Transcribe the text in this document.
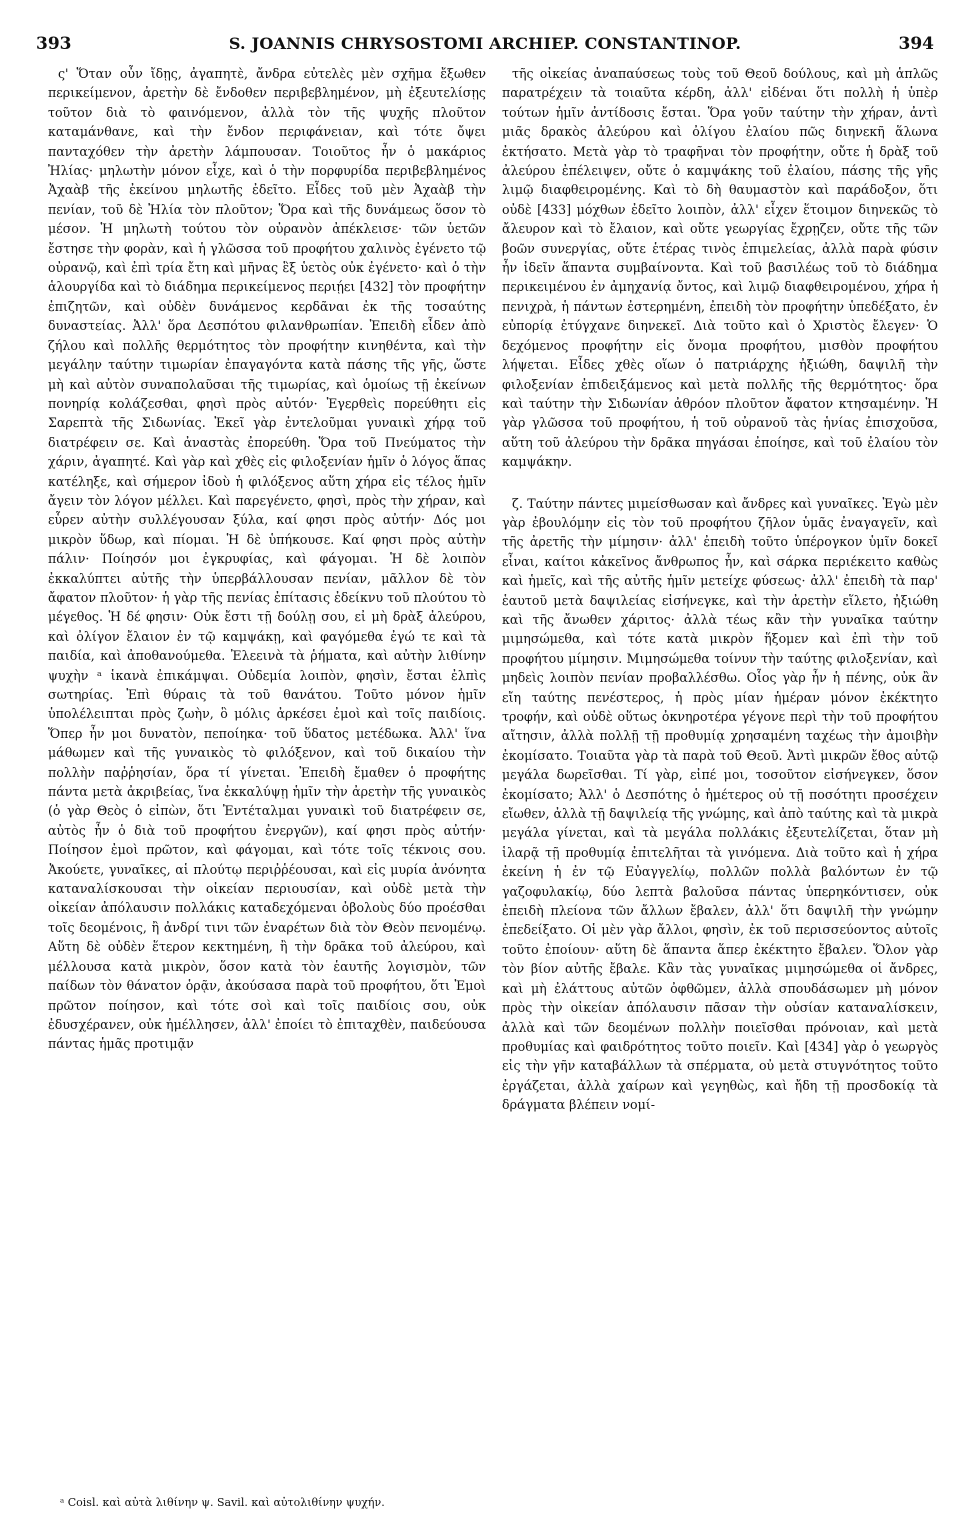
393	S. JOANNIS CHRYSOSTOMI ARCHIEP. CONSTANTINOP.	394

ς' Ὅταν οὖν ἴδῃς, ἀγαπητὲ, ἄνδρα εὐτελὲς μὲν σχῆμα ἔξωθεν περικείμενον, ἀρετὴν δὲ ἔνδοθεν περιβεβλημένον, μὴ ἐξευτελίσῃς τοῦτον διὰ τὸ φαινόμενον, ἀλλὰ τὸν τῆς ψυχῆς πλοῦτον καταμάνθανε, καὶ τὴν ἔνδον περιφάνειαν, καὶ τότε ὄψει πανταχόθεν τὴν ἀρετὴν λάμπουσαν. Τοιοῦτος ἦν ὁ μακάριος Ἠλίας· μηλωτὴν μόνον εἶχε, καὶ ὁ τὴν πορφυρίδα περιβεβλημένος Ἀχαὰβ τῆς ἐκείνου μηλωτῆς ἐδεῖτο. Εἶδες τοῦ μὲν Ἀχαὰβ τὴν πενίαν, τοῦ δὲ Ἠλία τὸν πλοῦτον; Ὅρα καὶ τῆς δυνάμεως ὅσον τὸ μέσον. Ἡ μηλωτὴ τούτου τὸν οὐρανὸν ἀπέκλεισε· τῶν ὑετῶν ἔστησε τὴν φορὰν, καὶ ἡ γλῶσσα τοῦ προφήτου χαλινὸς ἐγένετο τῷ οὐρανῷ, καὶ ἐπὶ τρία ἔτη καὶ μῆνας ἓξ ὑετὸς οὐκ ἐγένετο· καὶ ὁ τὴν ἁλουργίδα καὶ τὸ διάδημα περικείμενος περιῄει [432] τὸν προφήτην ἐπιζητῶν, καὶ οὐδὲν δυνάμενος κερδᾶναι ἐκ τῆς τοσαύτης δυναστείας. Ἀλλ' ὅρα Δεσπότου φιλανθρωπίαν. Ἐπειδὴ εἶδεν ἀπὸ ζήλου καὶ πολλῆς θερμότητος τὸν προφήτην κινηθέντα, καὶ τὴν μεγάλην ταύτην τιμωρίαν ἐπαγαγόντα κατὰ πάσης τῆς γῆς, ὥστε μὴ καὶ αὐτὸν συναπολαῦσαι τῆς τιμωρίας, καὶ ὁμοίως τῇ ἐκείνων πονηρίᾳ κολάζεσθαι, φησὶ πρὸς αὐτόν· Ἐγερθεὶς πορεύθητι εἰς Σαρεπτὰ τῆς Σιδωνίας. Ἐκεῖ γὰρ ἐντελοῦμαι γυναικὶ χήρᾳ τοῦ διατρέφειν σε. Καὶ ἀναστὰς ἐπορεύθη. Ὅρα τοῦ Πνεύματος τὴν χάριν, ἀγαπητέ. Καὶ γὰρ καὶ χθὲς εἰς φιλοξενίαν ἡμῖν ὁ λόγος ἅπας κατέληξε, καὶ σήμερον ἰδοὺ ἡ φιλόξενος αὕτη χήρα εἰς τέλος ἡμῖν ἄγειν τὸν λόγον μέλλει. Καὶ παρεγένετο, φησὶ, πρὸς τὴν χήραν, καὶ εὗρεν αὐτὴν συλλέγουσαν ξύλα, καί φησι πρὸς αὐτήν· Δός μοι μικρὸν ὕδωρ, καὶ πίομαι. Ἡ δὲ ὑπήκουσε. Καί φησι πρὸς αὐτὴν πάλιν· Ποίησόν μοι ἐγκρυφίας, καὶ φάγομαι. Ἡ δὲ λοιπὸν ἐκκαλύπτει αὐτῆς τὴν ὑπερβάλλουσαν πενίαν, μᾶλλον δὲ τὸν ἄφατον πλοῦτον· ἡ γὰρ τῆς πενίας ἐπίτασις ἐδείκνυ τοῦ πλούτου τὸ μέγεθος. Ἡ δέ φησιν· Οὐκ ἔστι τῇ δούλῃ σου, εἰ μὴ δρὰξ ἀλεύρου, καὶ ὀλίγον ἔλαιον ἐν τῷ καμψάκῃ, καὶ φαγόμεθα ἐγώ τε καὶ τὰ παιδία, καὶ ἀποθανούμεθα. Ἐλεεινὰ τὰ ῥήματα, καὶ αὐτὴν λιθίνην ψυχὴν ᵃ ἱκανὰ ἐπικάμψαι. Οὐδεμία λοιπὸν, φησὶν, ἔσται ἐλπὶς σωτηρίας. Ἐπὶ θύραις τὰ τοῦ θανάτου. Τοῦτο μόνον ἡμῖν ὑπολέλειπται πρὸς ζωὴν, ὃ μόλις ἀρκέσει ἐμοὶ καὶ τοῖς παιδίοις. Ὅπερ ἦν μοι δυνατὸν, πεποίηκα· τοῦ ὕδατος μετέδωκα. Ἀλλ' ἵνα μάθωμεν καὶ τῆς γυναικὸς τὸ φιλόξενον, καὶ τοῦ δικαίου τὴν πολλὴν παῤῥησίαν, ὅρα τί γίνεται. Ἐπειδὴ ἔμαθεν ὁ προφήτης πάντα μετὰ ἀκριβείας, ἵνα ἐκκαλύψῃ ἡμῖν τὴν ἀρετὴν τῆς γυναικὸς (ὁ γὰρ Θεὸς ὁ εἰπὼν, ὅτι Ἐντέταλμαι γυναικὶ τοῦ διατρέφειν σε, αὐτὸς ἦν ὁ διὰ τοῦ προφήτου ἐνεργῶν), καί φησι πρὸς αὐτήν· Ποίησον ἐμοὶ πρῶτον, καὶ φάγομαι, καὶ τότε τοῖς τέκνοις σου. Ἀκούετε, γυναῖκες, αἱ πλούτῳ περιῤῥέουσαι, καὶ εἰς μυρία ἀνόνητα καταναλίσκουσαι τὴν οἰκείαν περιουσίαν, καὶ οὐδὲ μετὰ τὴν οἰκείαν ἀπόλαυσιν πολλάκις καταδεχόμεναι ὀβολοὺς δύο προέσθαι τοῖς δεομένοις, ἢ ἀνδρί τινι τῶν ἐναρέτων διὰ τὸν Θεὸν πενομένῳ. Αὕτη δὲ οὐδὲν ἕτερον κεκτημένη, ἢ τὴν δρᾶκα τοῦ ἀλεύρου, καὶ μέλλουσα κατὰ μικρὸν, ὅσον κατὰ τὸν ἑαυτῆς λογισμὸν, τῶν παίδων τὸν θάνατον ὁρᾷν, ἀκούσασα παρὰ τοῦ προφήτου, ὅτι Ἐμοὶ πρῶτον ποίησον, καὶ τότε σοὶ καὶ τοῖς παιδίοις σου, οὐκ ἐδυσχέρανεν, οὐκ ἠμέλλησεν, ἀλλ' ἐποίει τὸ ἐπιταχθὲν, παιδεύουσα πάντας ἡμᾶς προτιμᾷν

τῆς οἰκείας ἀναπαύσεως τοὺς τοῦ Θεοῦ δούλους, καὶ μὴ ἁπλῶς παρατρέχειν τὰ τοιαῦτα κέρδη, ἀλλ' εἰδέναι ὅτι πολλὴ ἡ ὑπὲρ τούτων ἡμῖν ἀντίδοσις ἔσται. Ὅρα γοῦν ταύτην τὴν χήραν, ἀντὶ μιᾶς δρακὸς ἀλεύρου καὶ ὀλίγου ἐλαίου πῶς διηνεκῆ ἅλωνα ἐκτήσατο. Μετὰ γὰρ τὸ τραφῆναι τὸν προφήτην, οὔτε ἡ δρὰξ τοῦ ἀλεύρου ἐπέλειψεν, οὔτε ὁ καμψάκης τοῦ ἐλαίου, πάσης τῆς γῆς λιμῷ διαφθειρομένης. Καὶ τὸ δὴ θαυμαστὸν καὶ παράδοξον, ὅτι οὐδὲ [433] μόχθων ἐδεῖτο λοιπὸν, ἀλλ' εἶχεν ἕτοιμον διηνεκῶς τὸ ἄλευρον καὶ τὸ ἔλαιον, καὶ οὔτε γεωργίας ἔχρῃζεν, οὔτε τῆς τῶν βοῶν συνεργίας, οὔτε ἑτέρας τινὸς ἐπιμελείας, ἀλλὰ παρὰ φύσιν ἦν ἰδεῖν ἅπαντα συμβαίνοντα. Καὶ τοῦ βασιλέως τοῦ τὸ διάδημα περικειμένου ἐν ἀμηχανίᾳ ὄντος, καὶ λιμῷ διαφθειρομένου, χήρα ἡ πενιχρὰ, ἡ πάντων ἐστερημένη, ἐπειδὴ τὸν προφήτην ὑπεδέξατο, ἐν εὐπορίᾳ ἐτύγχανε διηνεκεῖ. Διὰ τοῦτο καὶ ὁ Χριστὸς ἔλεγεν· Ὁ δεχόμενος προφήτην εἰς ὄνομα προφήτου, μισθὸν προφήτου λήψεται. Εἶδες χθὲς οἵων ὁ πατριάρχης ἠξιώθη, δαψιλῆ τὴν φιλοξενίαν ἐπιδειξάμενος καὶ μετὰ πολλῆς τῆς θερμότητος· ὅρα καὶ ταύτην τὴν Σιδωνίαν ἀθρόον πλοῦτον ἄφατον κτησαμένην. Ἡ γὰρ γλῶσσα τοῦ προφήτου, ἡ τοῦ οὐρανοῦ τὰς ἡνίας ἐπισχοῦσα, αὕτη τοῦ ἀλεύρου τὴν δρᾶκα πηγάσαι ἐποίησε, καὶ τοῦ ἐλαίου τὸν καμψάκην.

ζ. Ταύτην πάντες μιμείσθωσαν καὶ ἄνδρες καὶ γυναῖκες. Ἐγὼ μὲν γὰρ ἐβουλόμην εἰς τὸν τοῦ προφήτου ζῆλον ὑμᾶς ἐναγαγεῖν, καὶ τῆς ἀρετῆς τὴν μίμησιν· ἀλλ' ἐπειδὴ τοῦτο ὑπέρογκον ὑμῖν δοκεῖ εἶναι, καίτοι κἀκεῖνος ἄνθρωπος ἦν, καὶ σάρκα περιέκειτο καθὼς καὶ ἡμεῖς, καὶ τῆς αὐτῆς ἡμῖν μετείχε φύσεως· ἀλλ' ἐπειδὴ τὰ παρ' ἑαυτοῦ μετὰ δαψιλείας εἰσήνεγκε, καὶ τὴν ἀρετὴν εἵλετο, ἠξιώθη καὶ τῆς ἄνωθεν χάριτος· ἀλλὰ τέως κἂν τὴν γυναῖκα ταύτην μιμησώμεθα, καὶ τότε κατὰ μικρὸν ἥξομεν καὶ ἐπὶ τὴν τοῦ προφήτου μίμησιν. Μιμησώμεθα τοίνυν τὴν ταύτης φιλοξενίαν, καὶ μηδεὶς λοιπὸν πενίαν προβαλλέσθω. Οἷος γὰρ ἦν ἡ πένης, οὐκ ἂν εἴη ταύτης πενέστερος, ἡ πρὸς μίαν ἡμέραν μόνον ἐκέκτητο τροφήν, καὶ οὐδὲ οὕτως ὀκνηροτέρα γέγονε περὶ τὴν τοῦ προφήτου αἴτησιν, ἀλλὰ πολλῇ τῇ προθυμίᾳ χρησαμένη ταχέως τὴν ἀμοιβὴν ἐκομίσατο. Τοιαῦτα γὰρ τὰ παρὰ τοῦ Θεοῦ. Ἀντὶ μικρῶν ἔθος αὐτῷ μεγάλα δωρεῖσθαι. Τί γὰρ, εἰπέ μοι, τοσοῦτον εἰσήνεγκεν, ὅσον ἐκομίσατο; Ἀλλ' ὁ Δεσπότης ὁ ἡμέτερος οὐ τῇ ποσότητι προσέχειν εἴωθεν, ἀλλὰ τῇ δαψιλείᾳ τῆς γνώμης, καὶ ἀπὸ ταύτης καὶ τὰ μικρὰ μεγάλα γίνεται, καὶ τὰ μεγάλα πολλάκις ἐξευτελίζεται, ὅταν μὴ ἱλαρᾷ τῇ προθυμίᾳ ἐπιτελῆται τὰ γινόμενα. Διὰ τοῦτο καὶ ἡ χήρα ἐκείνη ἡ ἐν τῷ Εὐαγγελίῳ, πολλῶν πολλὰ βαλόντων ἐν τῷ γαζοφυλακίῳ, δύο λεπτὰ βαλοῦσα πάντας ὑπερηκόντισεν, οὐκ ἐπειδὴ πλείονα τῶν ἄλλων ἔβαλεν, ἀλλ' ὅτι δαψιλῆ τὴν γνώμην ἐπεδείξατο. Οἱ μὲν γὰρ ἄλλοι, φησὶν, ἐκ τοῦ περισσεύοντος αὐτοῖς τοῦτο ἐποίουν· αὕτη δὲ ἅπαντα ἅπερ ἐκέκτητο ἔβαλεν. Ὅλον γὰρ τὸν βίον αὐτῆς ἔβαλε. Κἂν τὰς γυναῖκας μιμησώμεθα οἱ ἄνδρες, καὶ μὴ ἐλάττους αὐτῶν ὀφθῶμεν, ἀλλὰ σπουδάσωμεν μὴ μόνον πρὸς τὴν οἰκείαν ἀπόλαυσιν πᾶσαν τὴν οὐσίαν καταναλίσκειν, ἀλλὰ καὶ τῶν δεομένων πολλὴν ποιεῖσθαι πρόνοιαν, καὶ μετὰ προθυμίας καὶ φαιδρότητος τοῦτο ποιεῖν. Καὶ [434] γὰρ ὁ γεωργὸς εἰς τὴν γῆν καταβάλλων τὰ σπέρματα, οὐ μετὰ στυγνότητος τοῦτο ἐργάζεται, ἀλλὰ χαίρων καὶ γεγηθὼς, καὶ ἤδη τῇ προσδοκίᾳ τὰ δράγματα βλέπειν νομί-

ᵃ Coisl. καὶ αὐτὰ λιθίνην ψ. Savil. καὶ αὐτολιθίνην ψυχήν.
